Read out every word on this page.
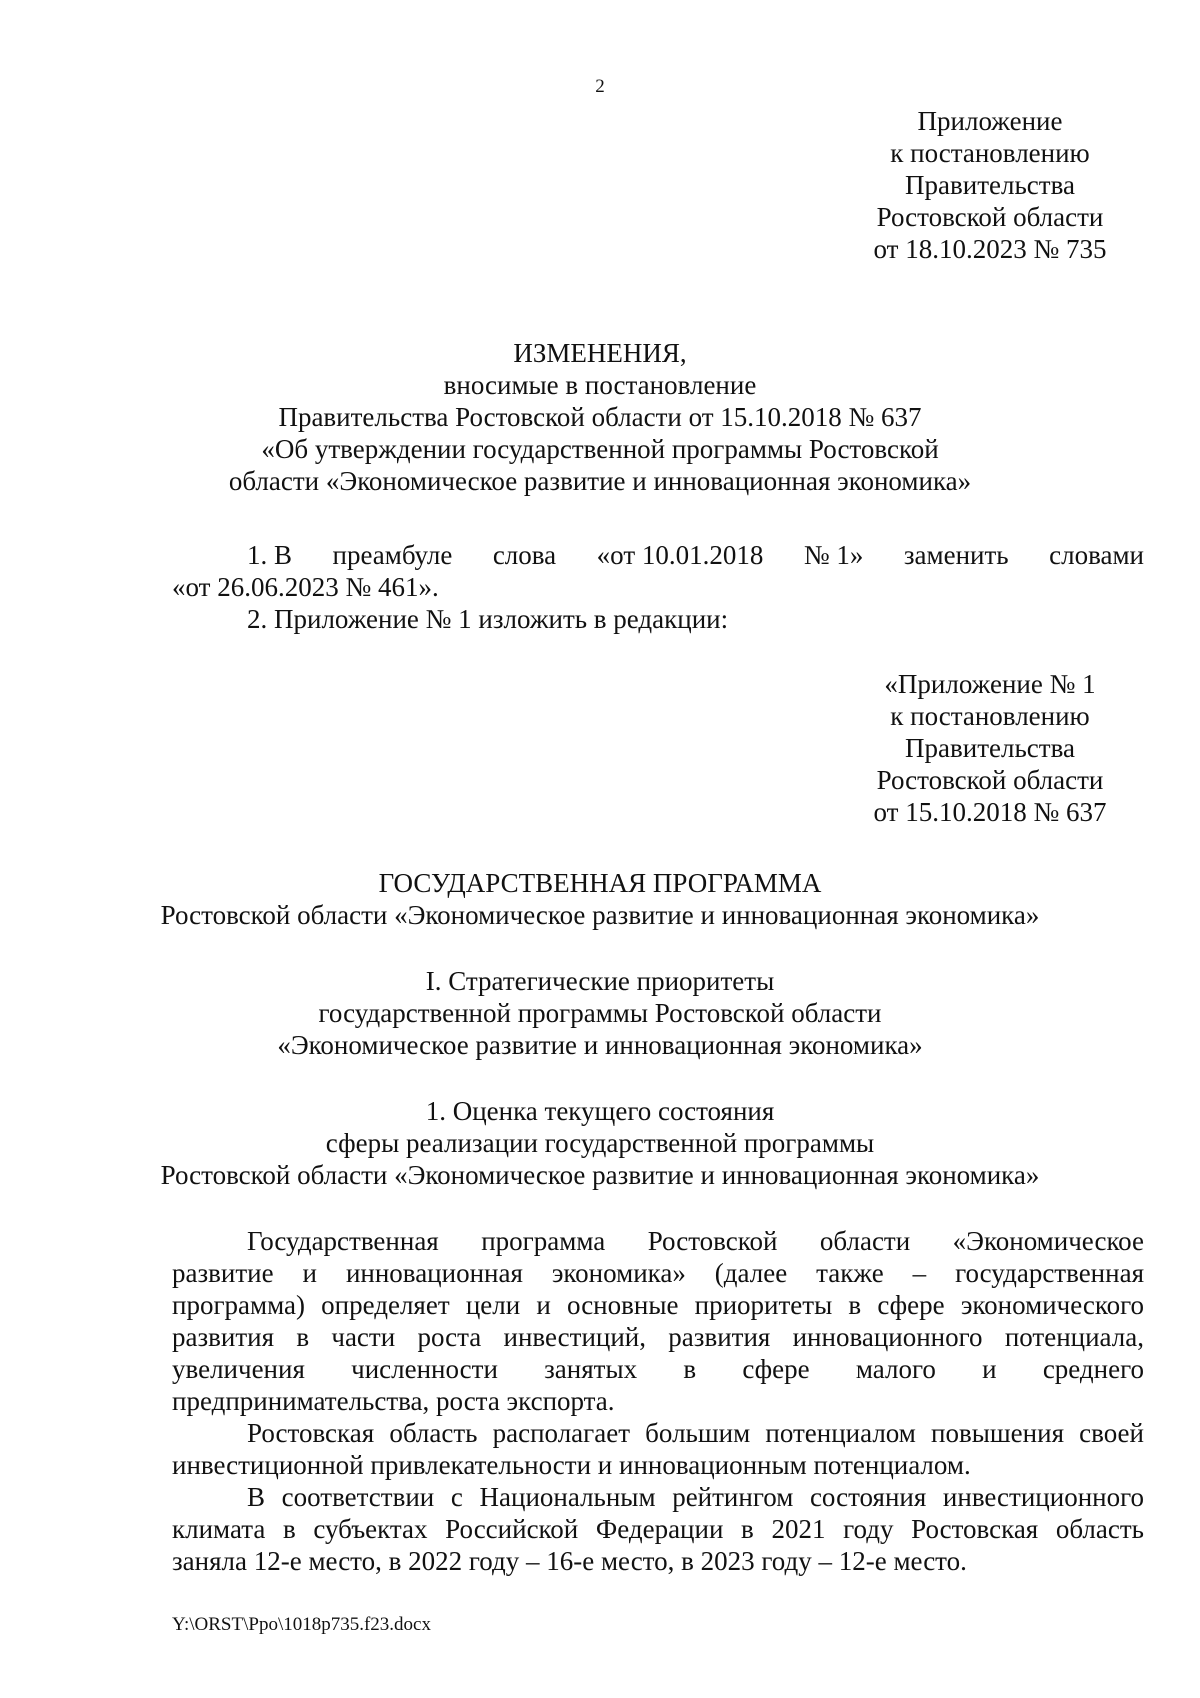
2
Приложение
к постановлению
Правительства
Ростовской области
от 18.10.2023 № 735
ИЗМЕНЕНИЯ,
вносимые в постановление
Правительства Ростовской области от 15.10.2018 № 637
«Об утверждении государственной программы Ростовской
области «Экономическое развитие и инновационная экономика»
1. В преамбуле слова «от 10.01.2018 № 1» заменить словами
«от 26.06.2023 № 461».
2. Приложение № 1 изложить в редакции:
«Приложение № 1
к постановлению
Правительства
Ростовской области
от 15.10.2018 № 637
ГОСУДАРСТВЕННАЯ ПРОГРАММА
Ростовской области «Экономическое развитие и инновационная экономика»
I. Стратегические приоритеты
государственной программы Ростовской области
«Экономическое развитие и инновационная экономика»
1. Оценка текущего состояния
сферы реализации государственной программы
Ростовской области «Экономическое развитие и инновационная экономика»
Государственная программа Ростовской области «Экономическое
развитие и инновационная экономика» (далее также – государственная
программа) определяет цели и основные приоритеты в сфере экономического
развития в части роста инвестиций, развития инновационного потенциала,
увеличения численности занятых в сфере малого и среднего
предпринимательства, роста экспорта.
Ростовская область располагает большим потенциалом повышения своей
инвестиционной привлекательности и инновационным потенциалом.
В соответствии с Национальным рейтингом состояния инвестиционного
климата в субъектах Российской Федерации в 2021 году Ростовская область
заняла 12-е место, в 2022 году – 16-е место, в 2023 году – 12-е место.
Y:\ORST\Ppo\1018p735.f23.docx
